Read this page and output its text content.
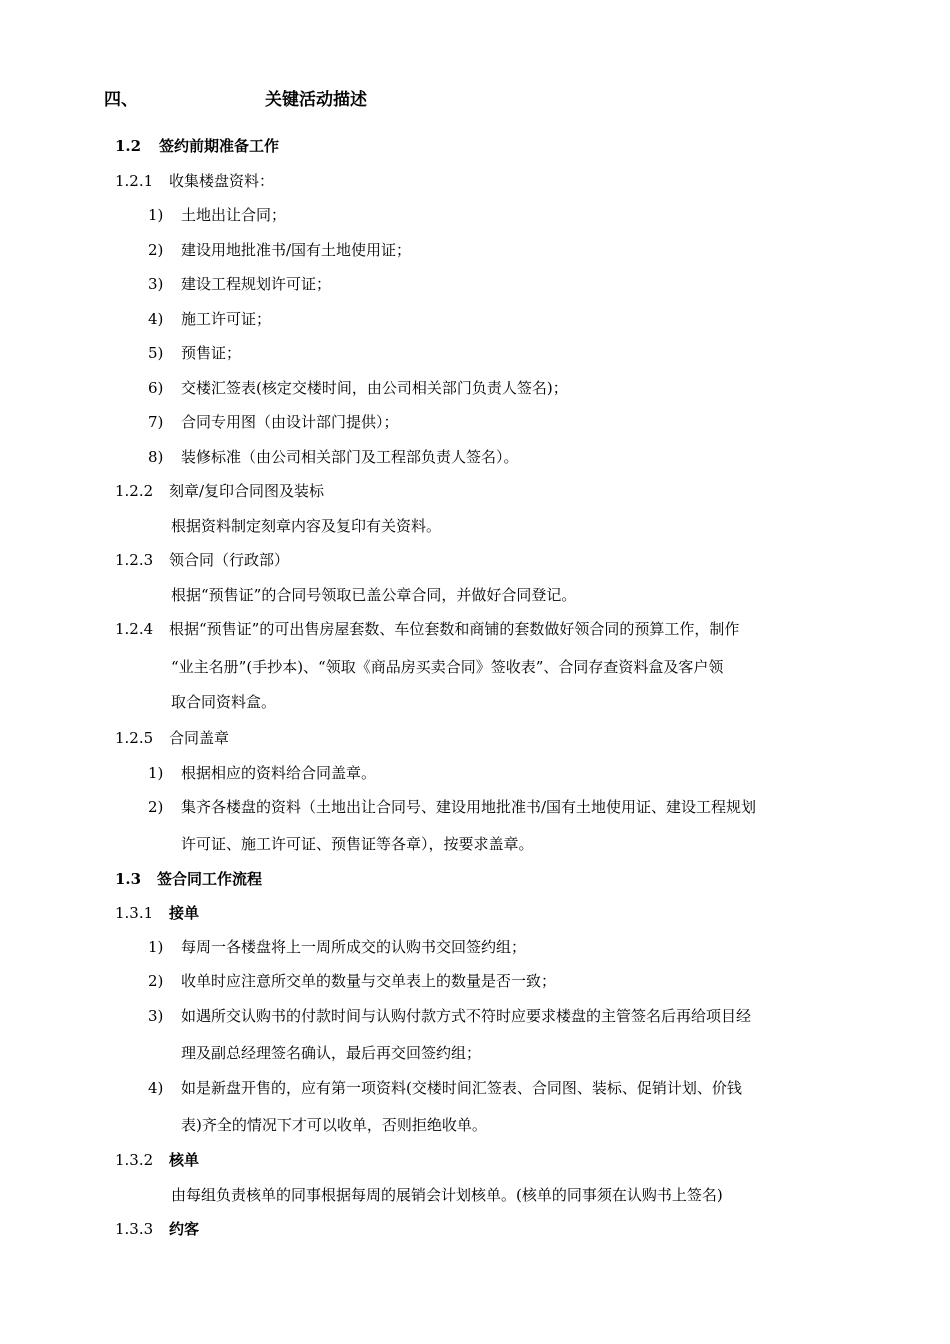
四、	关键活动描述
1.2 签约前期准备工作
1.2.1 收集楼盘资料：
1) 土地出让合同；
2) 建设用地批准书/国有土地使用证；
3) 建设工程规划许可证；
4) 施工许可证；
5) 预售证；
6) 交楼汇签表(核定交楼时间，由公司相关部门负责人签名)；
7) 合同专用图（由设计部门提供）；
8) 装修标准（由公司相关部门及工程部负责人签名）。
1.2.2 刻章/复印合同图及装标
根据资料制定刻章内容及复印有关资料。
1.2.3 领合同（行政部）
根据“预售证”的合同号领取已盖公章合同，并做好合同登记。
1.2.4 根据“预售证”的可出售房屋套数、车位套数和商铺的套数做好领合同的预算工作，制作
“业主名册”(手抄本)、“领取《商品房买卖合同》签收表”、合同存查资料盒及客户领
取合同资料盒。
1.2.5 合同盖章
1) 根据相应的资料给合同盖章。
2) 集齐各楼盘的资料（土地出让合同号、建设用地批准书/国有土地使用证、建设工程规划
许可证、施工许可证、预售证等各章），按要求盖章。
1.3 签合同工作流程
1.3.1 接单
1) 每周一各楼盘将上一周所成交的认购书交回签约组；
2) 收单时应注意所交单的数量与交单表上的数量是否一致；
3) 如遇所交认购书的付款时间与认购付款方式不符时应要求楼盘的主管签名后再给项目经
理及副总经理签名确认，最后再交回签约组；
4) 如是新盘开售的，应有第一项资料(交楼时间汇签表、合同图、装标、促销计划、价钱
表)齐全的情况下才可以收单，否则拒绝收单。
1.3.2 核单
由每组负责核单的同事根据每周的展销会计划核单。(核单的同事须在认购书上签名)
1.3.3 约客
